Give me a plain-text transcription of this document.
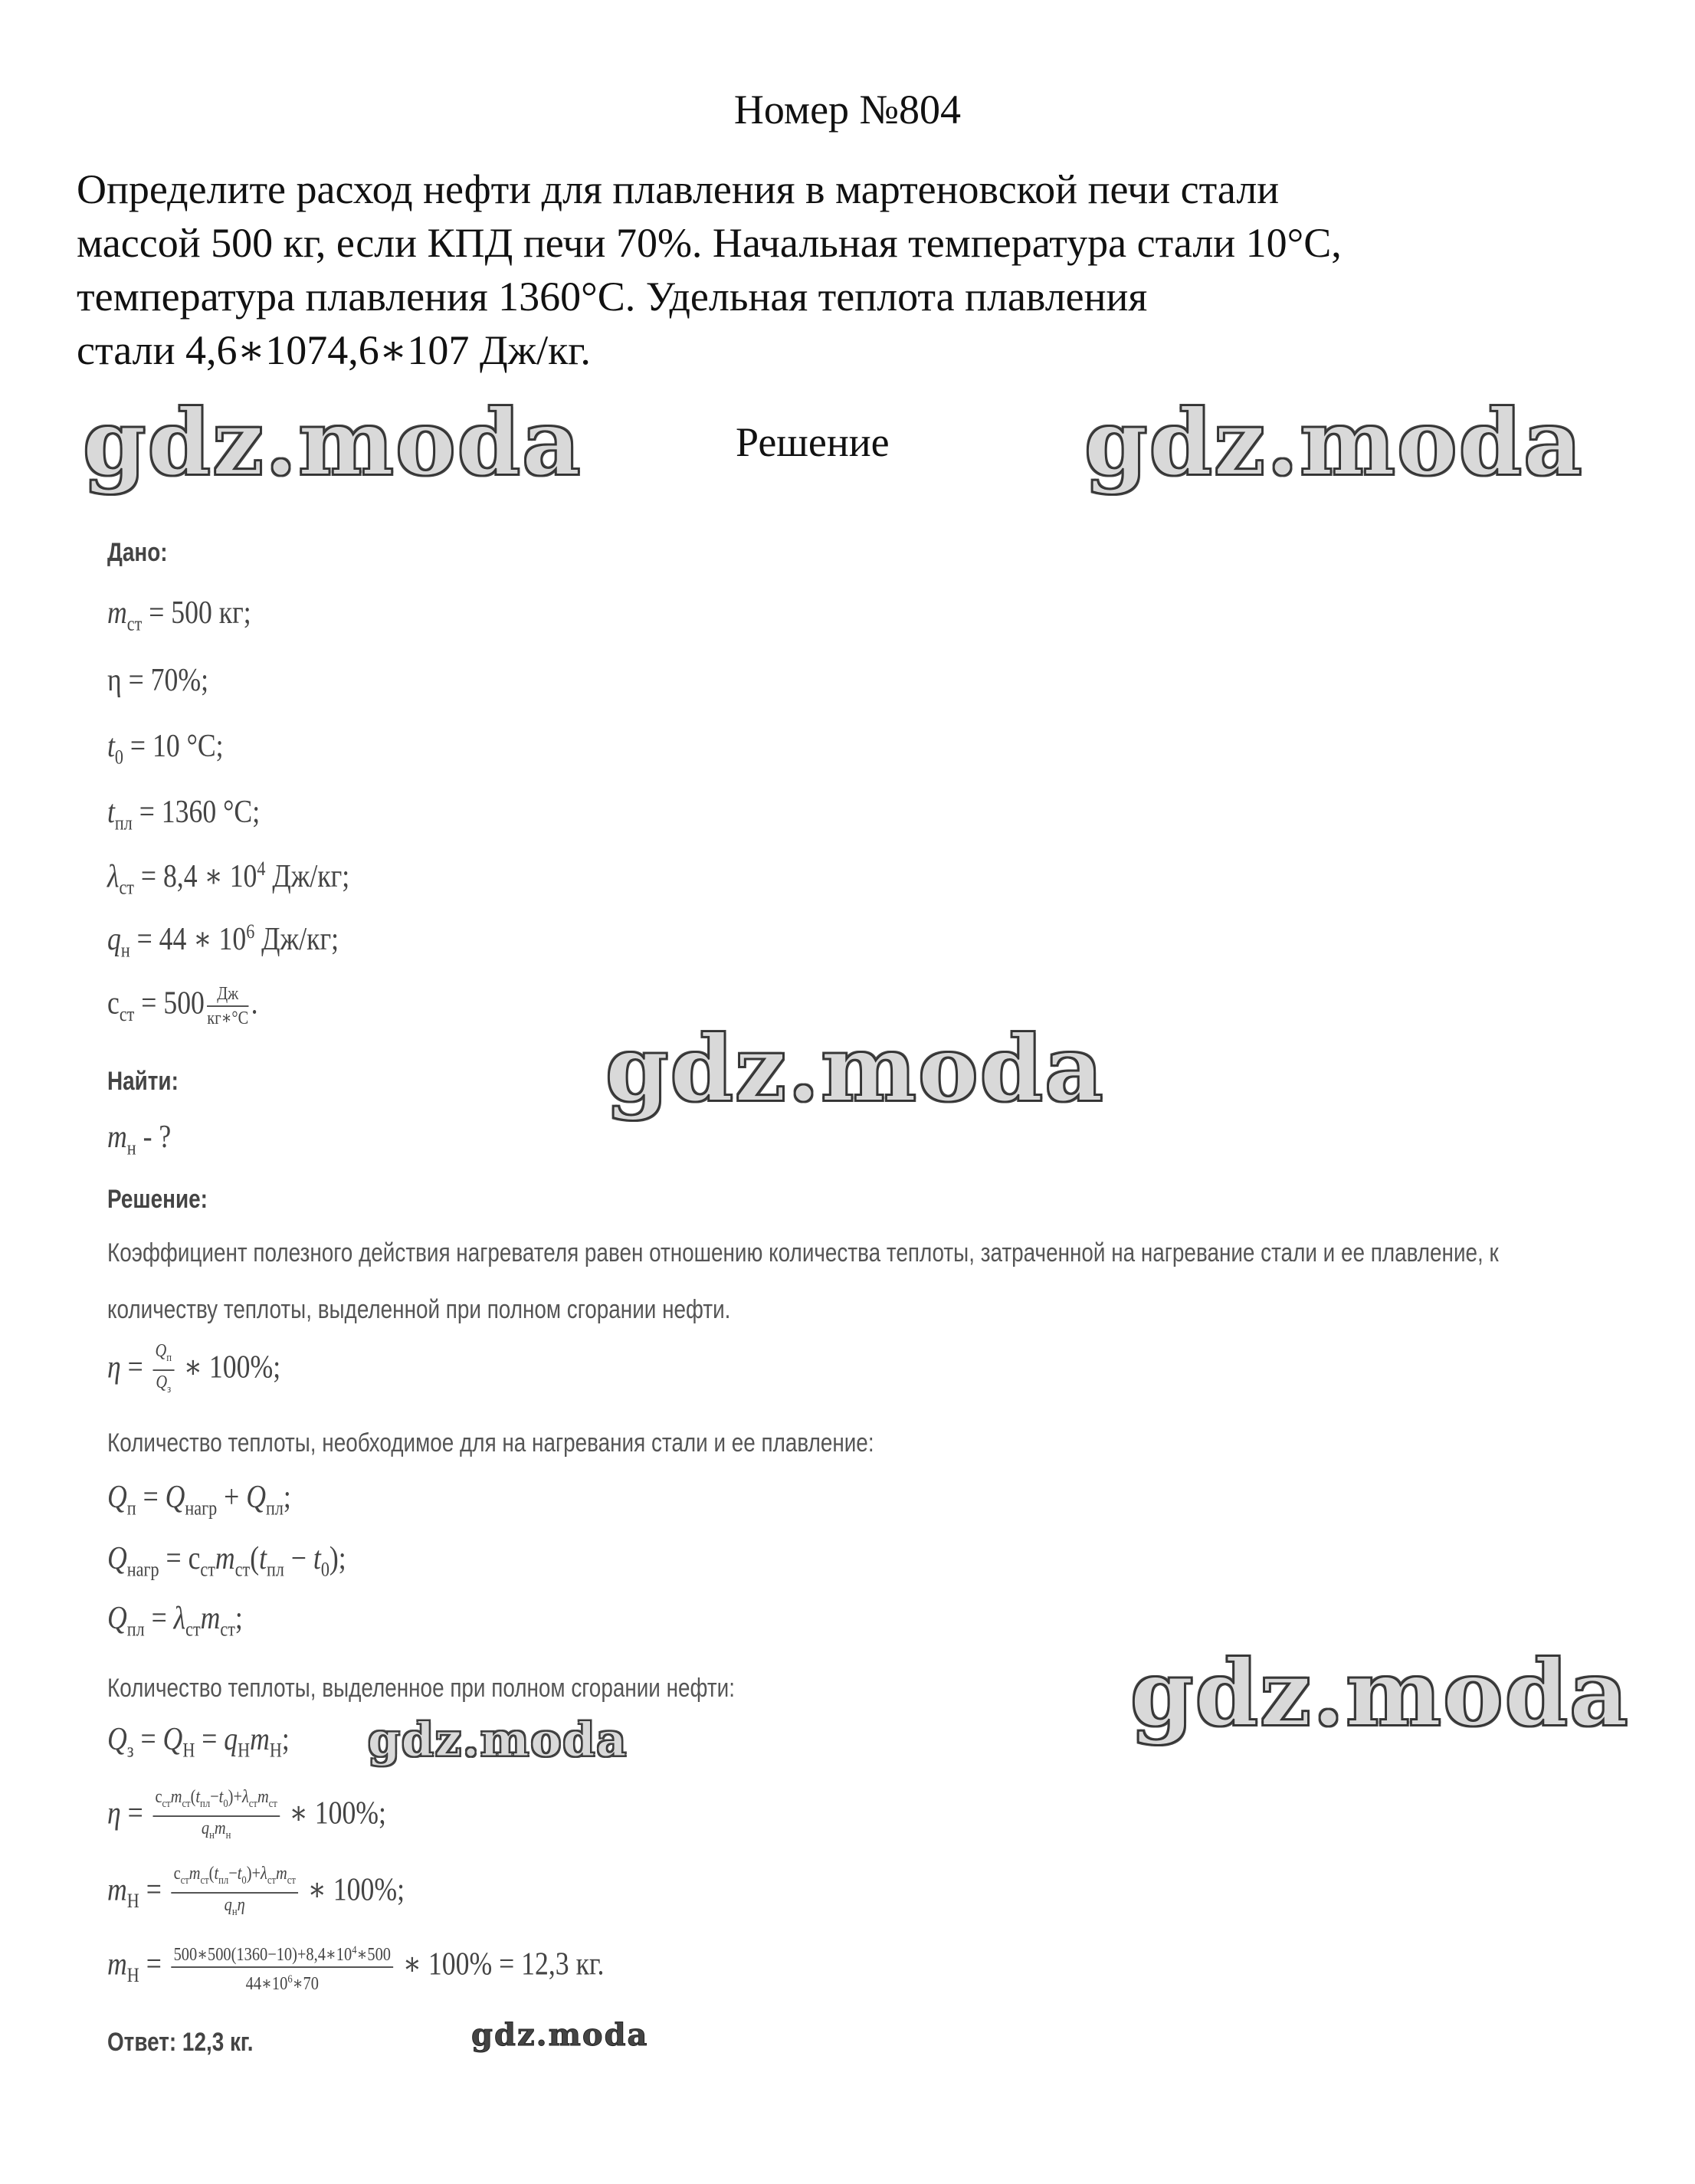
Номер №804
Определите расход нефти для плавления в мартеновской печи стали
массой 500 кг, если КПД печи 70%. Начальная температура стали 10°С,
температура плавления 1360°С. Удельная теплота плавления
стали 4,6∗1074,6∗107 Дж/кг.
gdz.moda	Решение gdz.moda
Дано:
$m_{ст} = 500$ кг;
η = 70%;
$t_0 = 10$ °С;
$t_{пл} = 1360$ °С;
$\lambda_{ст} = 8,4$ ∗ $10^4$ Дж/кг;
$q_н = 44$ ∗ $10^6$ Дж/кг;
$c_{ст} = 500 \frac{Дж}{кг∗^\circ С}$ .
gdz.moda
Найти:
$m_н$ - ?
Решение:
Коэффициент полезного действия нагревателя равен отношению количества теплоты, затраченной на нагревание стали и ее плавление, к
количеству теплоты, выделенной при полном сгорании нефти.
$\eta = \frac{Q_п}{Q_з}$ ∗ 100%;
Количество теплоты, необходимое для на нагревания стали и ее плавление:
$Q_п = Q_{нагр} + Q_{пл}$;
$Q_{нагр} = c_{ст}m_{ст}(t_{пл} - t_0)$;
$Q_{пл} = \lambda_{ст}m_{ст}$;
Количество теплоты, выделенное при полном сгорании нефти:	gdz.moda
$Q_з = Q_Н = q_Нm_Н$; gdz.moda
$\eta = \frac{c_{ст}m_{ст}(t_{пл}-t_0)+\lambda_{ст}m_{ст}}{q_нm_н}$ ∗ 100%;
$m_Н = \frac{c_{ст}m_{ст}(t_{пл}-t_0)+\lambda_{ст}m_{ст}}{q_н\eta}$ ∗ 100%;
$m_Н = \frac{500∗500(1360-10)+8,4∗10^4∗500}{44∗10^6∗70}$ ∗ 100% = 12,3 кг.
Ответ: 12,3 кг.	gdz.moda
